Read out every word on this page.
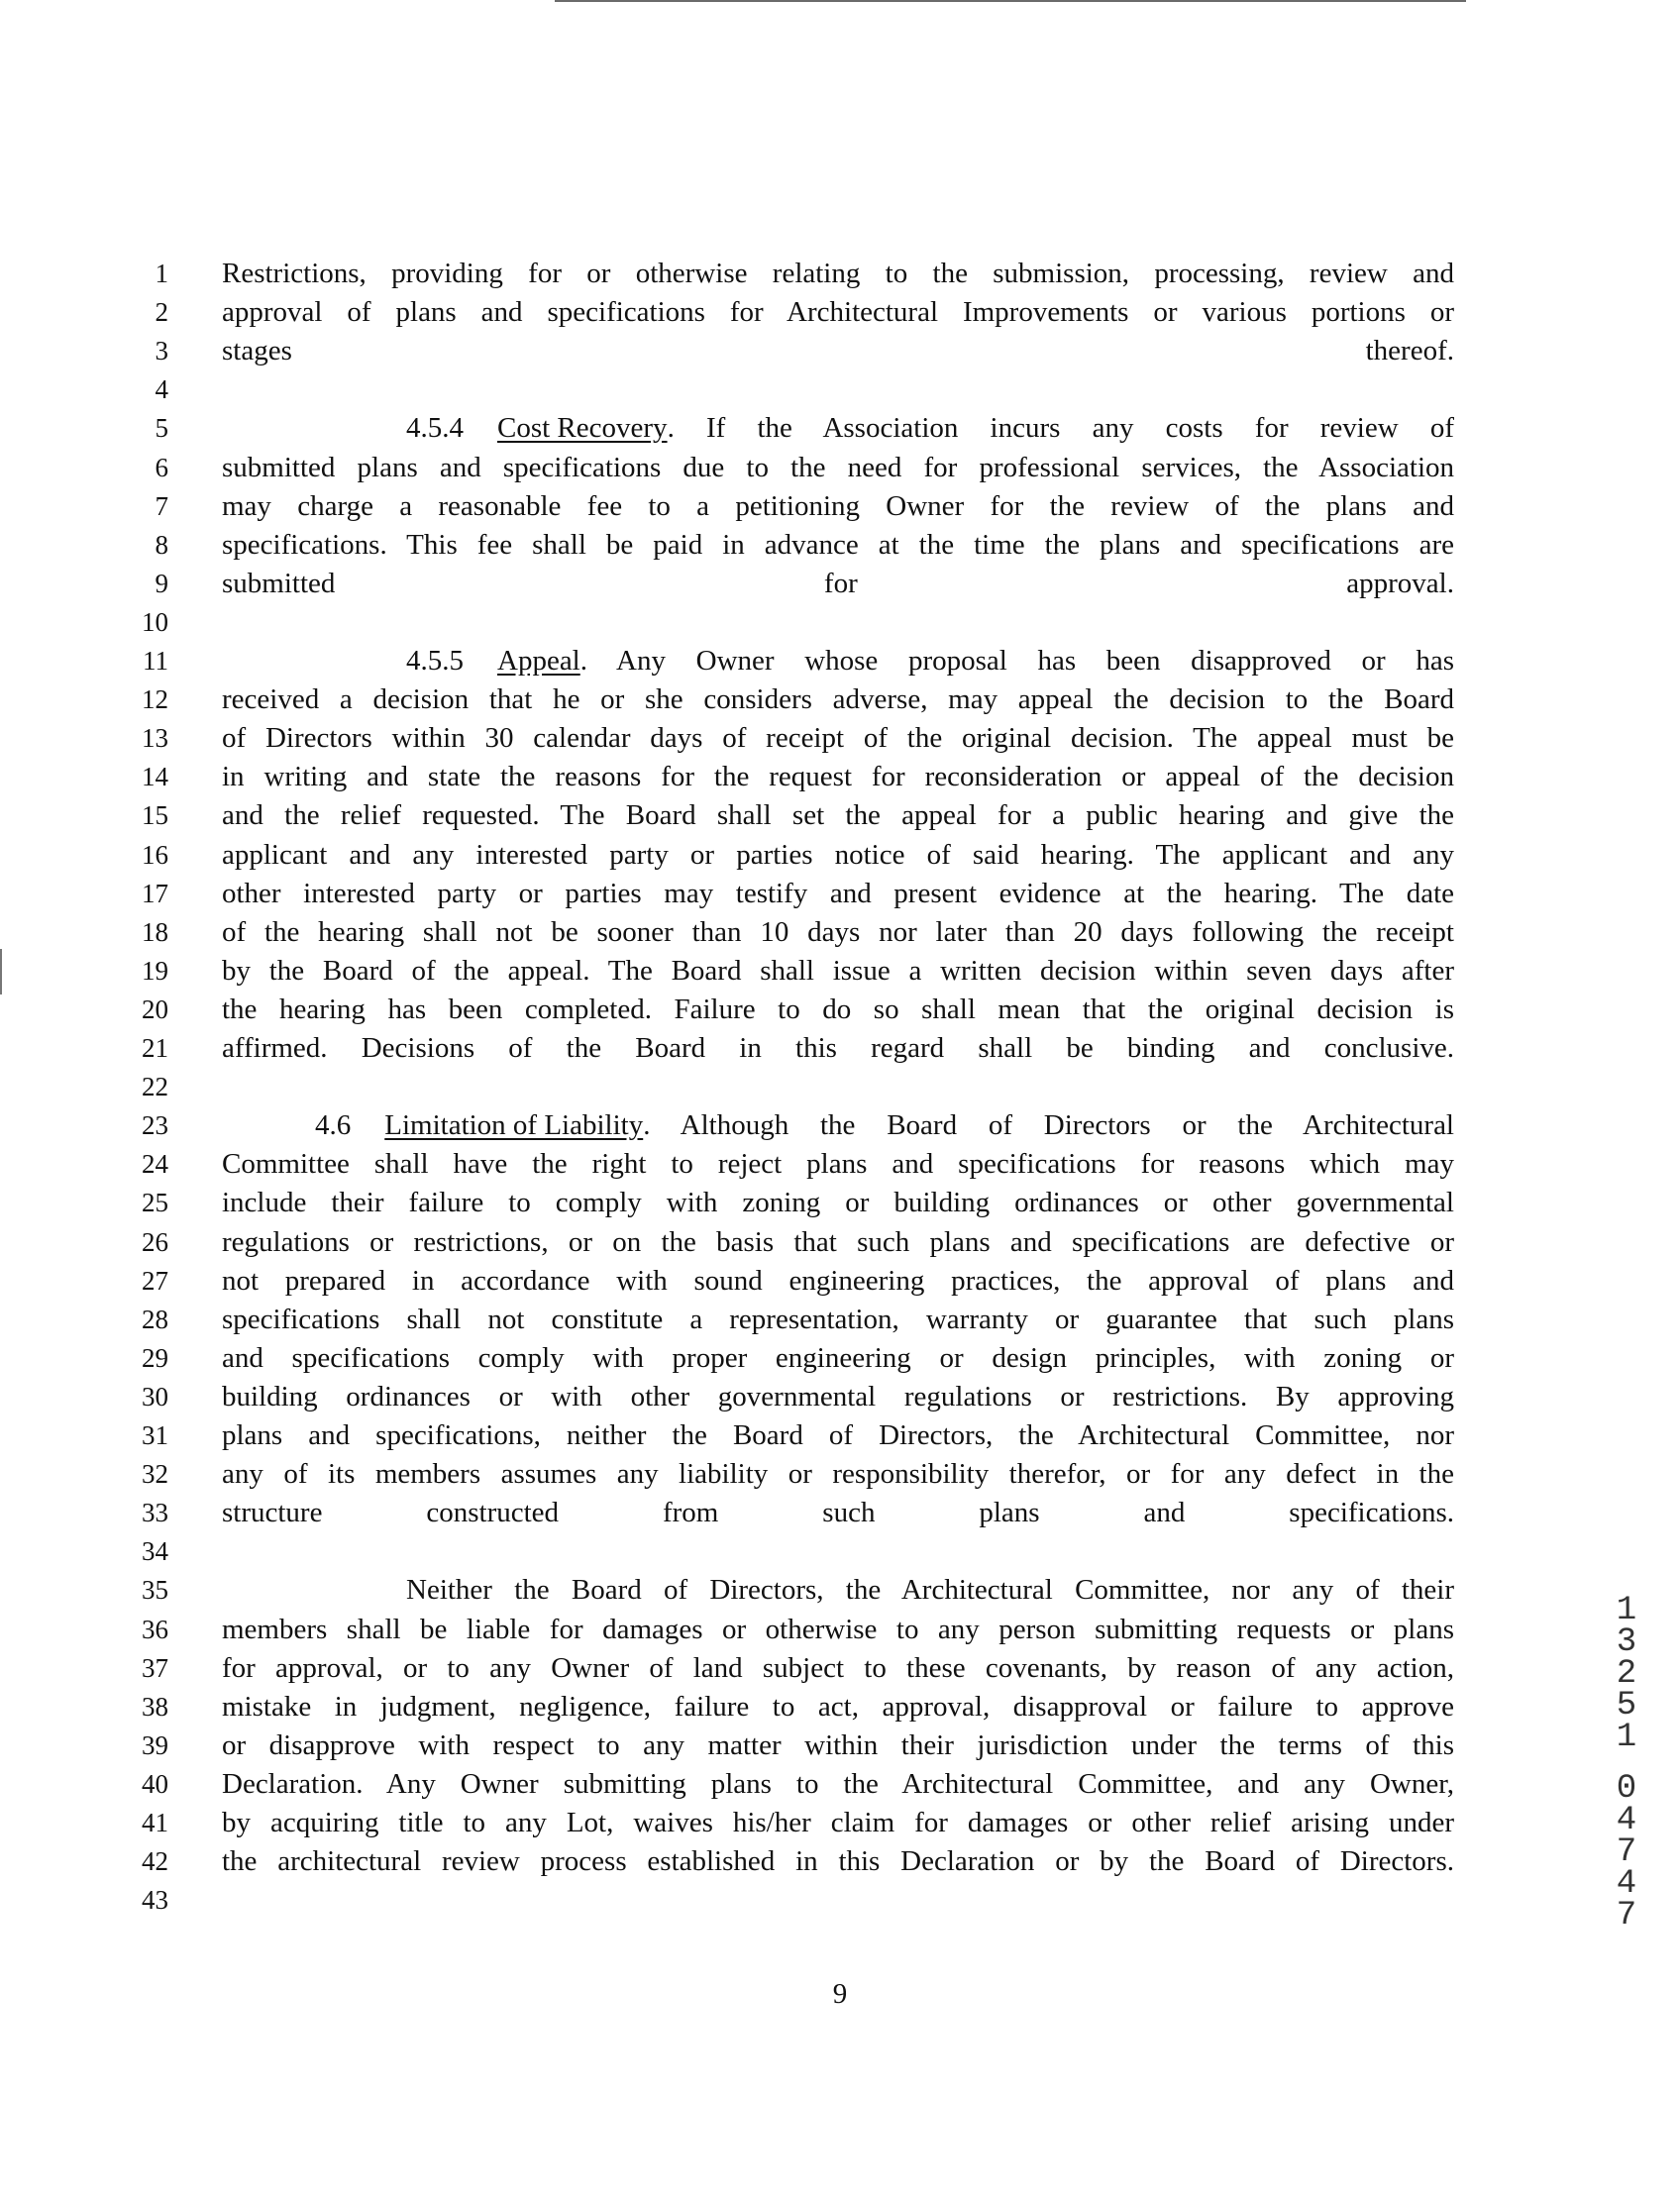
1 Restrictions, providing for or otherwise relating to the submission, processing, review and
2 approval of plans and specifications for Architectural Improvements or various portions or
3 stages thereof.
4
5	4.5.4 Cost Recovery. If the Association incurs any costs for review of
6 submitted plans and specifications due to the need for professional services, the Association
7 may charge a reasonable fee to a petitioning Owner for the review of the plans and
8 specifications. This fee shall be paid in advance at the time the plans and specifications are
9 submitted for approval.
10
11	4.5.5 Appeal. Any Owner whose proposal has been disapproved or has
12 received a decision that he or she considers adverse, may appeal the decision to the Board
13 of Directors within 30 calendar days of receipt of the original decision. The appeal must be
14 in writing and state the reasons for the request for reconsideration or appeal of the decision
15 and the relief requested. The Board shall set the appeal for a public hearing and give the
16 applicant and any interested party or parties notice of said hearing. The applicant and any
17 other interested party or parties may testify and present evidence at the hearing. The date
18 of the hearing shall not be sooner than 10 days nor later than 20 days following the receipt
19 by the Board of the appeal. The Board shall issue a written decision within seven days after
20 the hearing has been completed. Failure to do so shall mean that the original decision is
21 affirmed. Decisions of the Board in this regard shall be binding and conclusive.
22
23	4.6 Limitation of Liability. Although the Board of Directors or the Architectural
24 Committee shall have the right to reject plans and specifications for reasons which may
25 include their failure to comply with zoning or building ordinances or other governmental
26 regulations or restrictions, or on the basis that such plans and specifications are defective or
27 not prepared in accordance with sound engineering practices, the approval of plans and
28 specifications shall not constitute a representation, warranty or guarantee that such plans
29 and specifications comply with proper engineering or design principles, with zoning or
30 building ordinances or with other governmental regulations or restrictions. By approving
31 plans and specifications, neither the Board of Directors, the Architectural Committee, nor
32 any of its members assumes any liability or responsibility therefor, or for any defect in the
33 structure constructed from such plans and specifications.
34
35	Neither the Board of Directors, the Architectural Committee, nor any of their
36 members shall be liable for damages or otherwise to any person submitting requests or plans
37 for approval, or to any Owner of land subject to these covenants, by reason of any action,
38 mistake in judgment, negligence, failure to act, approval, disapproval or failure to approve
39 or disapprove with respect to any matter within their jurisdiction under the terms of this
40 Declaration. Any Owner submitting plans to the Architectural Committee, and any Owner,
41 by acquiring title to any Lot, waives his/her claim for damages or other relief arising under
42 the architectural review process established in this Declaration or by the Board of Directors.
43
9
13251
04747
